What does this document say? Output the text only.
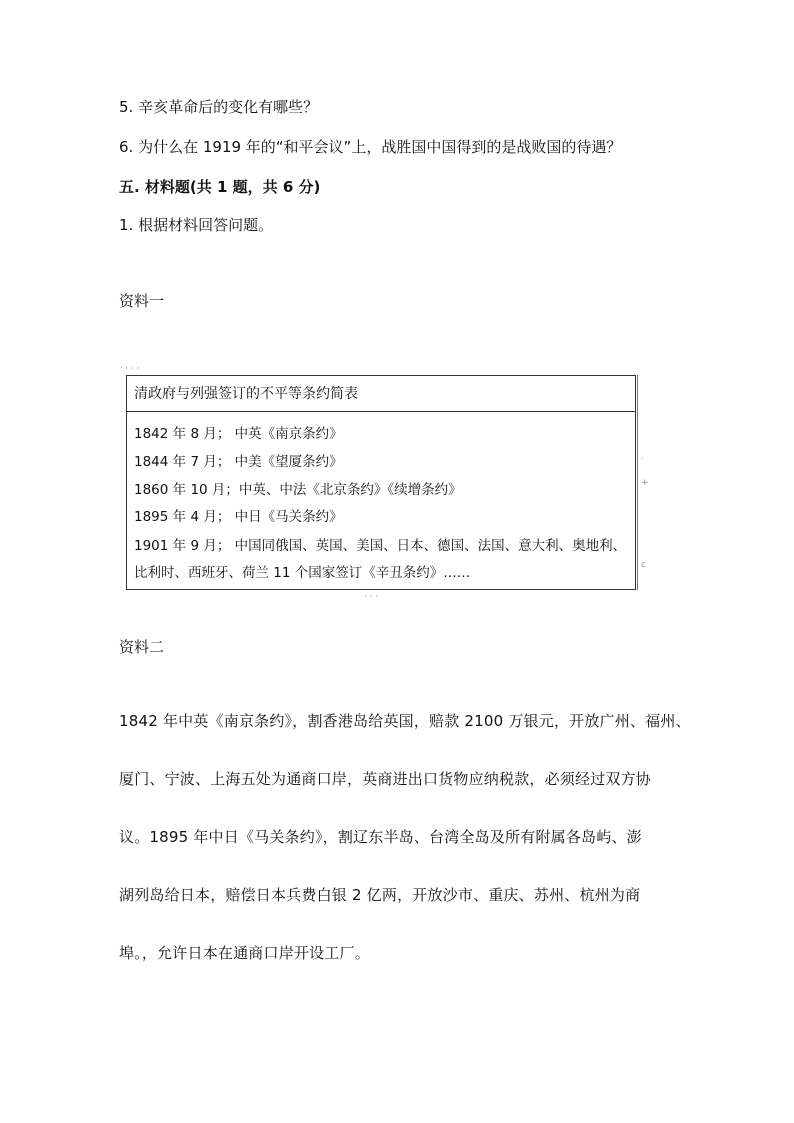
5. 辛亥革命后的变化有哪些？
6. 为什么在 1919 年的“和平会议”上，战胜国中国得到的是战败国的待遇？
五. 材料题(共 1 题，共 6 分)
1. 根据材料回答问题。
资料一
ᐧ ⋅ ⋅ ⋅
清政府与列强签订的不平等条约简表
1842 年 8 月； 中英《南京条约》
1844 年 7 月； 中美《望厦条约》
1860 年 10 月；中英、中法《北京条约》《续增条约》
1895 年 4 月； 中日《马关条约》
1901 年 9 月； 中国同俄国、英国、美国、日本、德国、法国、意大利、奥地利、
比利时、西班牙、荷兰 11 个国家签订《辛丑条约》……
ᐧ
+
c
⋅ ⋅ ⋅
资料二
1842 年中英《南京条约》，割香港岛给英国，赔款 2100 万银元，开放广州、福州、
厦门、宁波、上海五处为通商口岸，英商进出口货物应纳税款，必须经过双方协
议。1895 年中日《马关条约》，割辽东半岛、台湾全岛及所有附属各岛屿、澎
湖列岛给日本，赔偿日本兵费白银 2 亿两，开放沙市、重庆、苏州、杭州为商
埠。，允许日本在通商口岸开设工厂。
